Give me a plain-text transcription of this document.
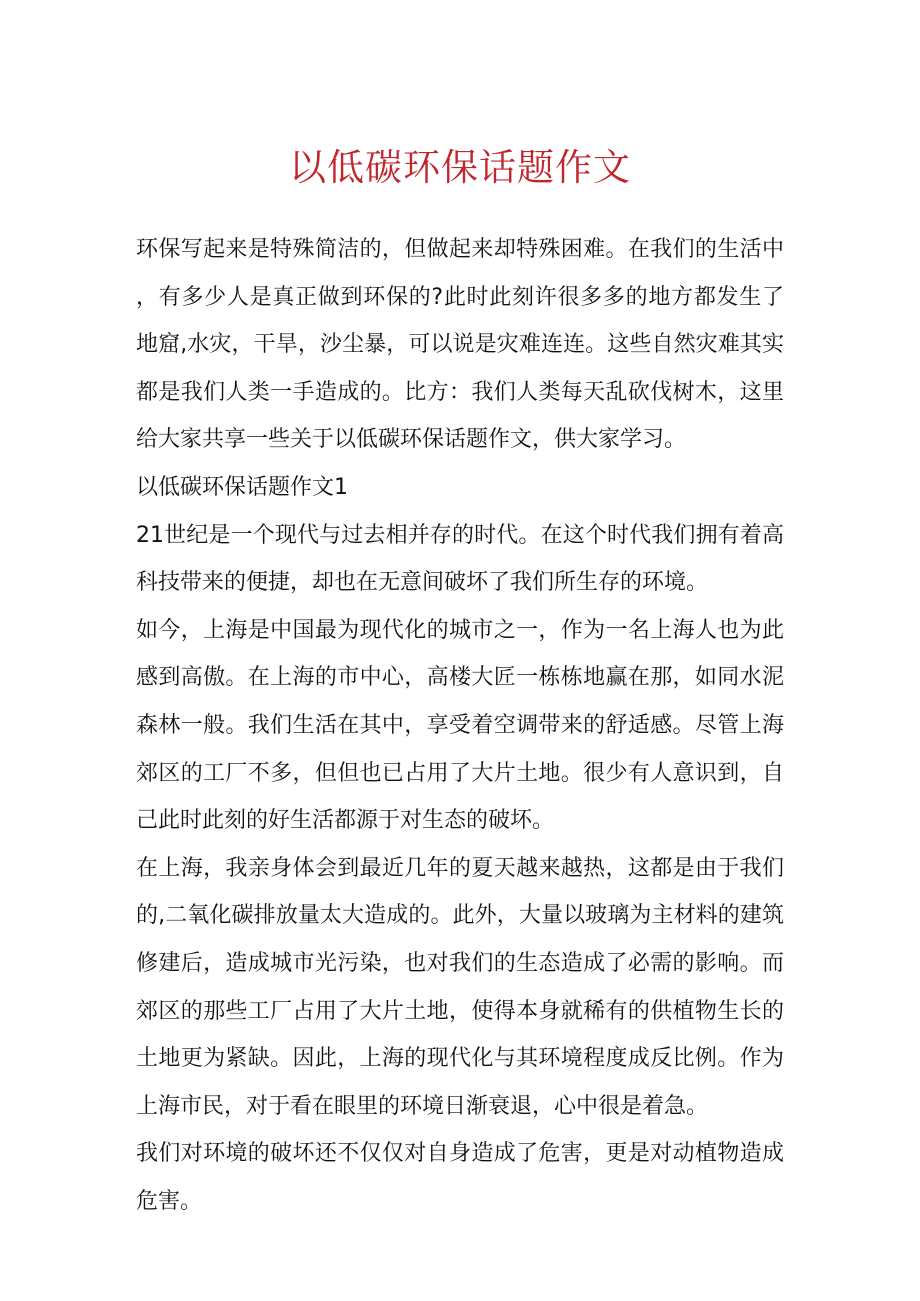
以低碳环保话题作文

环保写起来是特殊简洁的，但做起来却特殊困难。在我们的生活中，有多少人是真正做到环保的?此时此刻许很多多的地方都发生了地窟,水灾，干旱，沙尘暴，可以说是灾难连连。这些自然灾难其实都是我们人类一手造成的。比方：我们人类每天乱砍伐树木，这里给大家共享一些关于以低碳环保话题作文，供大家学习。

以低碳环保话题作文1

21世纪是一个现代与过去相并存的时代。在这个时代我们拥有着高科技带来的便捷，却也在无意间破坏了我们所生存的环境。

如今，上海是中国最为现代化的城市之一，作为一名上海人也为此感到高傲。在上海的市中心，高楼大匠一栋栋地赢在那，如同水泥森林一般。我们生活在其中，享受着空调带来的舒适感。尽管上海郊区的工厂不多，但但也已占用了大片土地。很少有人意识到，自己此时此刻的好生活都源于对生态的破坏。

在上海，我亲身体会到最近几年的夏天越来越热，这都是由于我们的,二氧化碳排放量太大造成的。此外，大量以玻璃为主材料的建筑修建后，造成城市光污染，也对我们的生态造成了必需的影响。而郊区的那些工厂占用了大片土地，使得本身就稀有的供植物生长的土地更为紧缺。因此，上海的现代化与其环境程度成反比例。作为上海市民，对于看在眼里的环境日渐衰退，心中很是着急。

我们对环境的破坏还不仅仅对自身造成了危害，更是对动植物造成危害。
